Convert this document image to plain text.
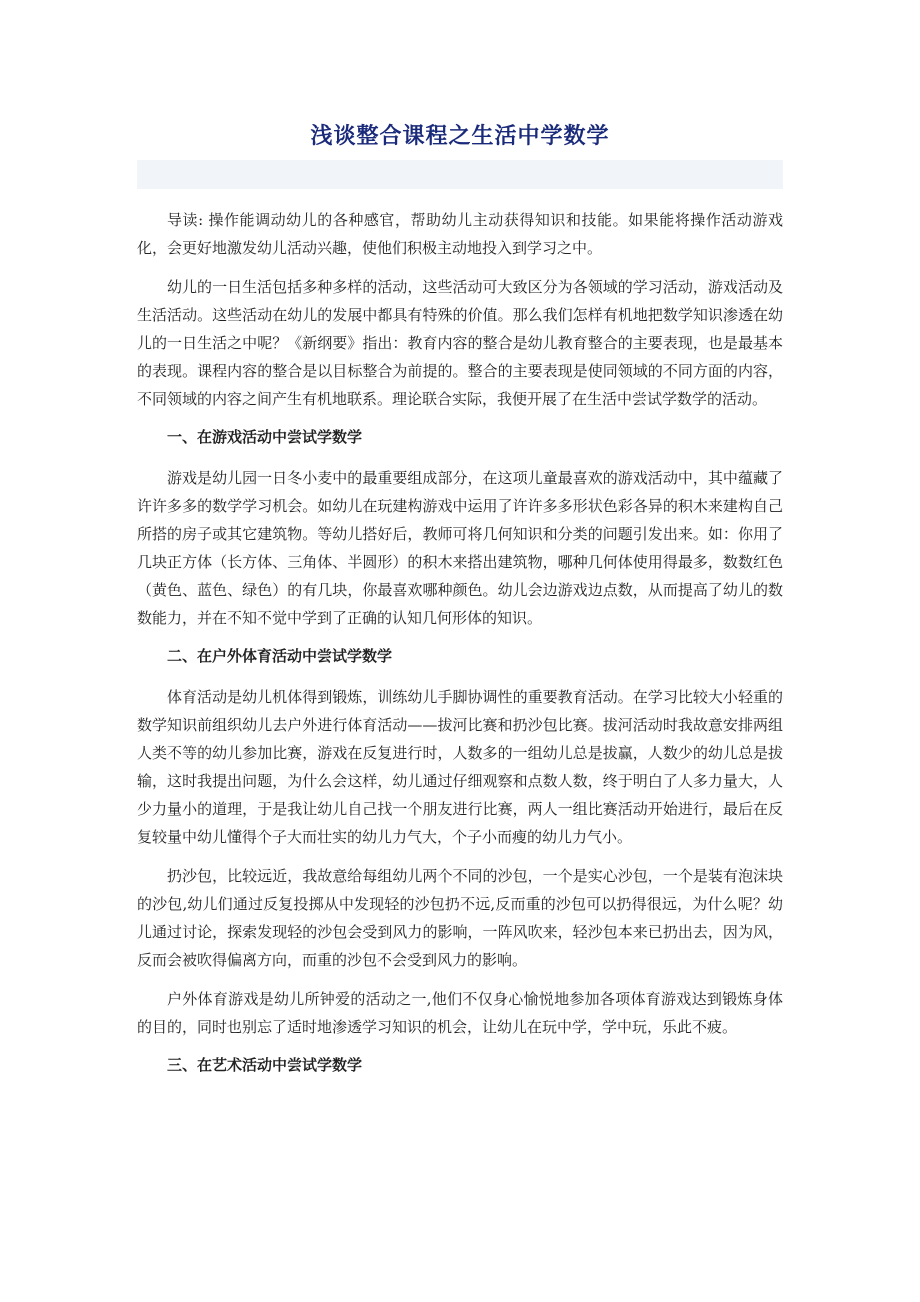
浅谈整合课程之生活中学数学

导读: 操作能调动幼儿的各种感官，帮助幼儿主动获得知识和技能。如果能将操作活动游戏化，会更好地激发幼儿活动兴趣，使他们积极主动地投入到学习之中。

幼儿的一日生活包括多种多样的活动，这些活动可大致区分为各领域的学习活动，游戏活动及生活活动。这些活动在幼儿的发展中都具有特殊的价值。那么我们怎样有机地把数学知识渗透在幼儿的一日生活之中呢？《新纲要》指出：教育内容的整合是幼儿教育整合的主要表现，也是最基本的表现。课程内容的整合是以目标整合为前提的。整合的主要表现是使同领域的不同方面的内容，不同领域的内容之间产生有机地联系。理论联合实际，我便开展了在生活中尝试学数学的活动。

一、在游戏活动中尝试学数学

游戏是幼儿园一日冬小麦中的最重要组成部分，在这项儿童最喜欢的游戏活动中，其中蕴藏了许许多多的数学学习机会。如幼儿在玩建构游戏中运用了许许多多形状色彩各异的积木来建构自己所搭的房子或其它建筑物。等幼儿搭好后，教师可将几何知识和分类的问题引发出来。如：你用了几块正方体（长方体、三角体、半圆形）的积木来搭出建筑物，哪种几何体使用得最多，数数红色（黄色、蓝色、绿色）的有几块，你最喜欢哪种颜色。幼儿会边游戏边点数，从而提高了幼儿的数数能力，并在不知不觉中学到了正确的认知几何形体的知识。

二、在户外体育活动中尝试学数学

体育活动是幼儿机体得到锻炼，训练幼儿手脚协调性的重要教育活动。在学习比较大小轻重的数学知识前组织幼儿去户外进行体育活动——拔河比赛和扔沙包比赛。拔河活动时我故意安排两组人类不等的幼儿参加比赛，游戏在反复进行时，人数多的一组幼儿总是拔赢，人数少的幼儿总是拔输，这时我提出问题，为什么会这样，幼儿通过仔细观察和点数人数，终于明白了人多力量大，人少力量小的道理，于是我让幼儿自己找一个朋友进行比赛，两人一组比赛活动开始进行，最后在反复较量中幼儿懂得个子大而壮实的幼儿力气大，个子小而瘦的幼儿力气小。

扔沙包，比较远近，我故意给每组幼儿两个不同的沙包，一个是实心沙包，一个是装有泡沫块的沙包,幼儿们通过反复投掷从中发现轻的沙包扔不远,反而重的沙包可以扔得很远，为什么呢？幼儿通过讨论，探索发现轻的沙包会受到风力的影响，一阵风吹来，轻沙包本来已扔出去，因为风，反而会被吹得偏离方向，而重的沙包不会受到风力的影响。

户外体育游戏是幼儿所钟爱的活动之一,他们不仅身心愉悦地参加各项体育游戏达到锻炼身体的目的，同时也别忘了适时地渗透学习知识的机会，让幼儿在玩中学，学中玩，乐此不疲。

三、在艺术活动中尝试学数学
